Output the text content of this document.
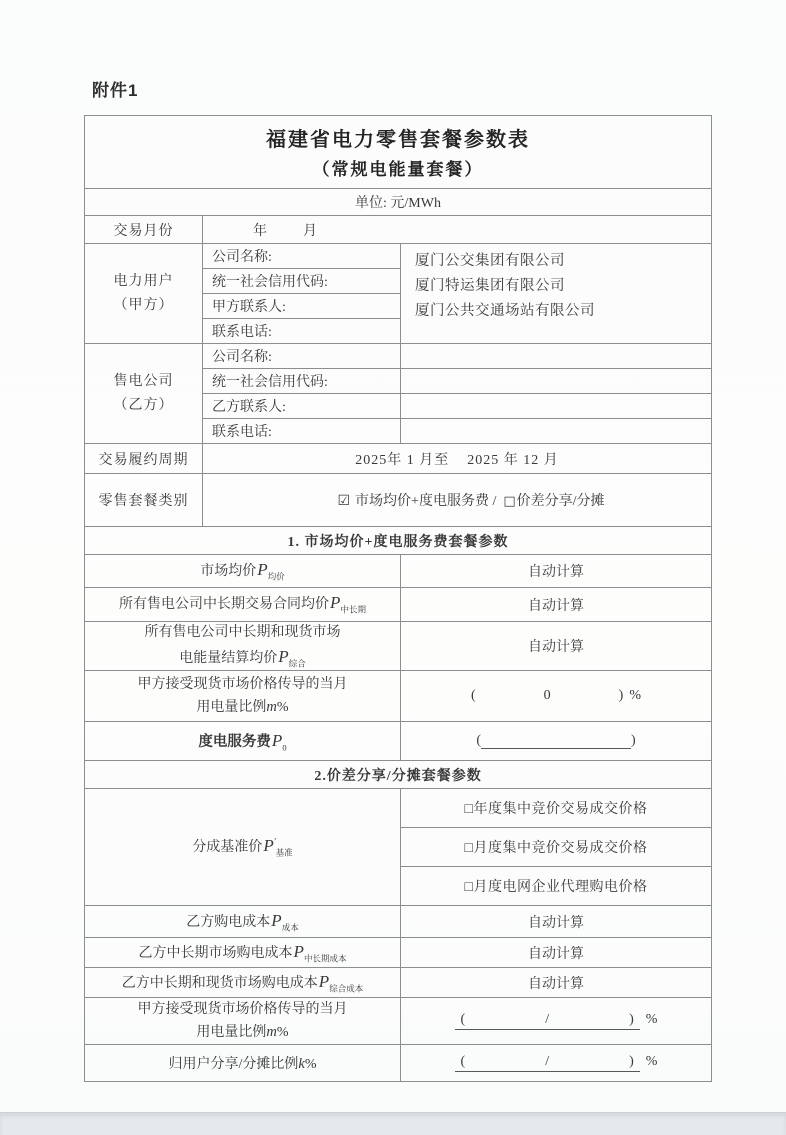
附件1
福建省电力零售套餐参数表
（常规电能量套餐）		

单位: 元/MWh		
交易月份	年 月	

电力用户
（甲方）
	公司名称:	厦门公交集团有限公司
厦门特运集团有限公司
厦门公共交通场站有限公司

	统一社会信用代码:	
	甲方联系人:	
	联系电话:	

售电公司
（乙方）	公司名称:	
	统一社会信用代码:	
	乙方联系人:	
	联系电话:	
交易履约周期	2025年 1 月至    2025 年 12 月	
零售套餐类别	☑ 市场均价+度电服务费 /  □价差分享/分摊	

1. 市场均价+度电服务费套餐参数		
市场均价$P_{均价}$		自动计算
所有售电公司中长期交易合同均价$P_{中长期}$		自动计算

所有售电公司中长期和现货市场
电能量结算均价$P_{综合}$		自动计算

甲方接受现货市场价格传导的当月
用电量比例m%		( 0 ) %
度电服务费$P_0$		( )
2.价差分享/分摊套餐参数		
分成基准价$P'_{基准}$		□年度集中竞价交易成交价格
		□月度集中竞价交易成交价格
		□月度电网企业代理购电价格
乙方购电成本$P_{成本}$		自动计算
乙方中长期市场购电成本$P_{中长期成本}$		自动计算
乙方中长期和现货市场购电成本$P_{综合成本}$		自动计算

甲方接受现货市场价格传导的当月
用电量比例m%		( / ) %
归用户分享/分摊比例k%		( / ) %
